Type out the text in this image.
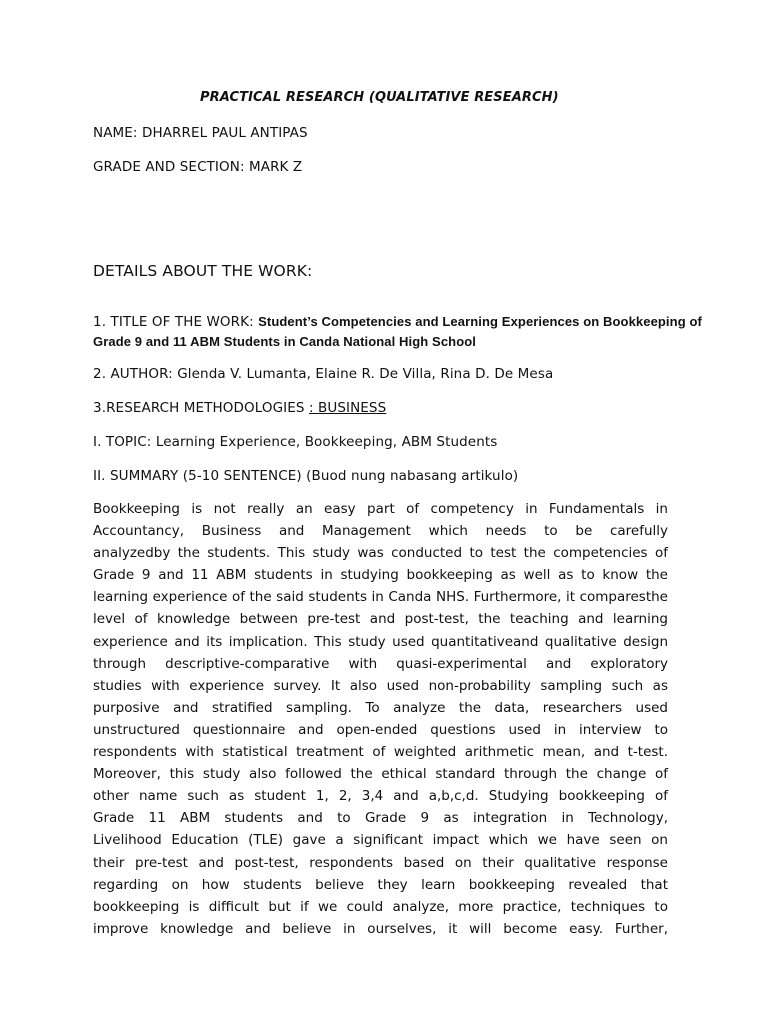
PRACTICAL RESEARCH (QUALITATIVE RESEARCH)
NAME: DHARREL PAUL ANTIPAS
GRADE AND SECTION: MARK Z
DETAILS ABOUT THE WORK:
1. TITLE OF THE WORK: Student’s Competencies and Learning Experiences on Bookkeeping of
Grade 9 and 11 ABM Students in Canda National High School
2. AUTHOR: Glenda V. Lumanta, Elaine R. De Villa, Rina D. De Mesa
3.RESEARCH METHODOLOGIES : BUSINESS
I. TOPIC: Learning Experience, Bookkeeping, ABM Students
II. SUMMARY (5-10 SENTENCE) (Buod nung nabasang artikulo)
Bookkeeping is not really an easy part of competency in Fundamentals in
Accountancy, Business and Management which needs to be carefully
analyzedby the students. This study was conducted to test the competencies of
Grade 9 and 11 ABM students in studying bookkeeping as well as to know the
learning experience of the said students in Canda NHS. Furthermore, it comparesthe
level of knowledge between pre-test and post-test, the teaching and learning
experience and its implication. This study used quantitativeand qualitative design
through descriptive-comparative with quasi-experimental and exploratory
studies with experience survey. It also used non-probability sampling such as
purposive and stratified sampling. To analyze the data, researchers used
unstructured questionnaire and open-ended questions used in interview to
respondents with statistical treatment of weighted arithmetic mean, and t-test.
Moreover, this study also followed the ethical standard through the change of
other name such as student 1, 2, 3,4 and a,b,c,d. Studying bookkeeping of
Grade 11 ABM students and to Grade 9 as integration in Technology,
Livelihood Education (TLE) gave a significant impact which we have seen on
their pre-test and post-test, respondents based on their qualitative response
regarding on how students believe they learn bookkeeping revealed that
bookkeeping is difficult but if we could analyze, more practice, techniques to
improve knowledge and believe in ourselves, it will become easy. Further,
